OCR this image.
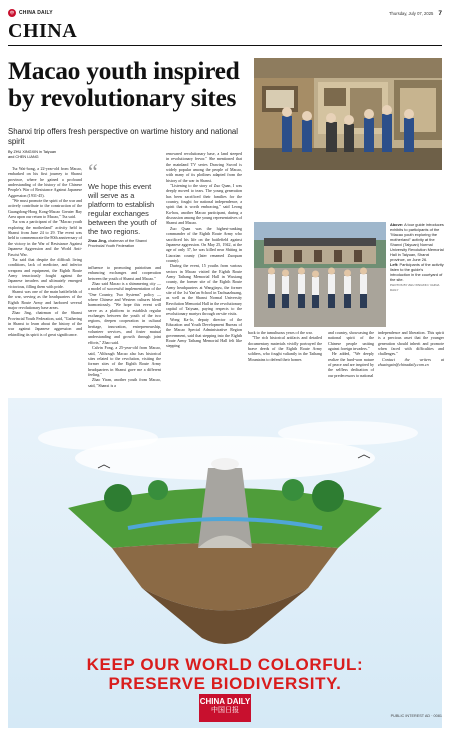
中	CHINA DAILY	Thursday, July 07, 2025 7
CHINA
Macao youth inspired by revolutionary sites
Shanxi trip offers fresh perspective on wartime history and national spirit
By ZHU XINGXIN in Taiyuan
and CHEN LIANG

Tsz Wai-hong, a 22-year-old from Macao, embarked on his first journey to Shanxi province, where he gained a profound understanding of the history of the Chinese People's War of Resistance Against Japanese Aggression (1931-45).

"We must promote the spirit of the war and actively contribute to the construction of the Guangdong-Hong Kong-Macao Greater Bay Area upon our return to Macao," Tsz said.

Tsz was a participant of the "Macao youth exploring the motherland" activity held in Shanxi from June 24 to 29. The event was held to commemorate the 80th anniversary of the victory in the War of Resistance Against Japanese Aggression and the World Anti-Fascist War.

Tsz said that despite the difficult living conditions, lack of medicine, and inferior weapons and equipment, the Eighth Route Army tenaciously fought against the Japanese invaders and ultimately emerged victorious, filling them with pride.

Shanxi was one of the main battlefields of the war, serving as the headquarters of the Eighth Route Army and harbored several major revolutionary base areas.

Zhao Jing, chairman of the Shanxi Provincial Youth Federation, said, "Gathering in Shanxi to learn about the history of the war against Japanese aggression and rekindling its spirit is of great significance.

“
We hope this event will serve as a platform to establish regular exchanges between the youth of the two regions.
Zhao Jing, chairman of the Shanxi Provincial Youth Federation

influence to promoting patriotism and enhancing exchanges and cooperation between the youth of Shanxi and Macao."

Zhao said Macao is a shimmering city — a model of successful implementation of the "One Country, Two Systems" policy — where Chinese and Western cultures blend harmoniously. "We hope this event will serve as a platform to establish regular exchanges between the youth of the two regions, deepen cooperation in cultural heritage, innovation, entrepreneurship, volunteer services, and foster mutual understanding and growth through joint efforts," Zhao said.

Calvin Fong, a 25-year-old from Macao, said, "Although Macao also has historical sites related to the revolution, visiting the former sites of the Eighth Route Army headquarters in Shanxi gave me a different feeling."

Zhao Yiran, another youth from Macao, said, "Shanxi is a

renowned revolutionary base, a land steeped in revolutionary fervor." She mentioned that the mainland TV series Drawing Sword is widely popular among the people of Macao, with many of its plotlines adapted from the history of the war in Shanxi.

"Listening to the story of Zuo Quan, I was deeply moved to tears. The young generation has been sacrificed their families for the country, fought for national independence, a spirit that is worth embracing," said Leong Ka-hou, another Macao participant, during a discussion among the young representatives of Shanxi and Macao.

Zuo Quan was the highest-ranking commander of the Eighth Route Army who sacrificed his life on the battlefield against Japanese aggression. On May 25, 1942, at the age of only 37, he was killed near Shiting in Liaoxian county (later renamed Zuoquan county).

During the event, 15 youths from various sectors in Macao visited the Eighth Route Army Taihang Memorial Hall in Wuxiang county, the former site of the Eighth Route Army headquarters at Wangjiayu, the former site of the 1st Yan'an School in Taohuazhuang, as well as the Shanxi Normal University Revolution Memorial Hall in the revolutionary capital of Taiyuan, paying respects to the revolutionary martyrs through on-site visits.

Wong Ka-lo, deputy director of the Education and Youth Development Bureau of the Macao Special Administrative Region government, said that stepping into the Eighth Route Army Taihang Memorial Hall felt like stepping

Above: A tour guide introduces exhibits to participants of the "Macao youth exploring the motherland" activity at the Shanxi (Taiyuan) Normal University Revolution Memorial Hall in Taiyuan, Shanxi province, on June 26.

Left: Participants of the activity listen to the guide's introduction in the courtyard of the site.

PHOTOS BY ZHU XINGXIN / CHINA DAILY

back to the tumultuous years of the war.

"The rich historical artifacts and detailed documentary materials vividly portrayed the brave deeds of the Eighth Route Army soldiers, who fought valiantly in the Taihang Mountains to defend their homes

and country, showcasing the national spirit of the Chinese people uniting against foreign invaders."

He added, "We deeply realize the hard-won nature of peace and are inspired by the selfless dedication of our predecessors to national

independence and liberation. This spirit is a precious asset that the younger generation should inherit and promote when faced with difficulties and challenges."

Contact the writers at zhuxingxin@chinadaily.com.cn

KEEP OUR WORLD COLORFUL:
PRESERVE BIODIVERSITY.
CHINA DAILY
中国日报
PUBLIC INTEREST AD · 0081
